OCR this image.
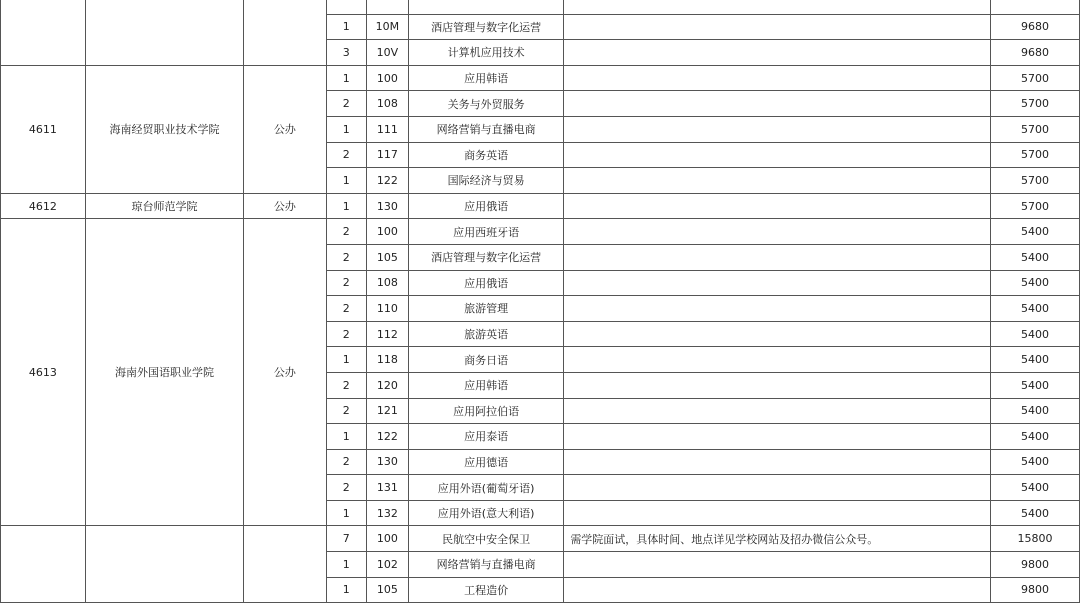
			1	10M	酒店管理与数字化运营		9680
			3	10V	计算机应用技术		9680
4611	海南经贸职业技术学院	公办	1	100	应用韩语		5700
			2	108	关务与外贸服务		5700
			1	111	网络营销与直播电商		5700
			2	117	商务英语		5700
			1	122	国际经济与贸易		5700
4612	琼台师范学院	公办	1	130	应用俄语		5700
4613	海南外国语职业学院	公办	2	100	应用西班牙语		5400
			2	105	酒店管理与数字化运营		5400
			2	108	应用俄语		5400
			2	110	旅游管理		5400
			2	112	旅游英语		5400
			1	118	商务日语		5400
			2	120	应用韩语		5400
			2	121	应用阿拉伯语		5400
			1	122	应用泰语		5400
			2	130	应用德语		5400
			2	131	应用外语(葡萄牙语)		5400
			1	132	应用外语(意大利语)		5400
			7	100	民航空中安全保卫	需学院面试，具体时间、地点详见学校网站及招办微信公众号。	15800
			1	102	网络营销与直播电商		9800
			1	105	工程造价		9800
